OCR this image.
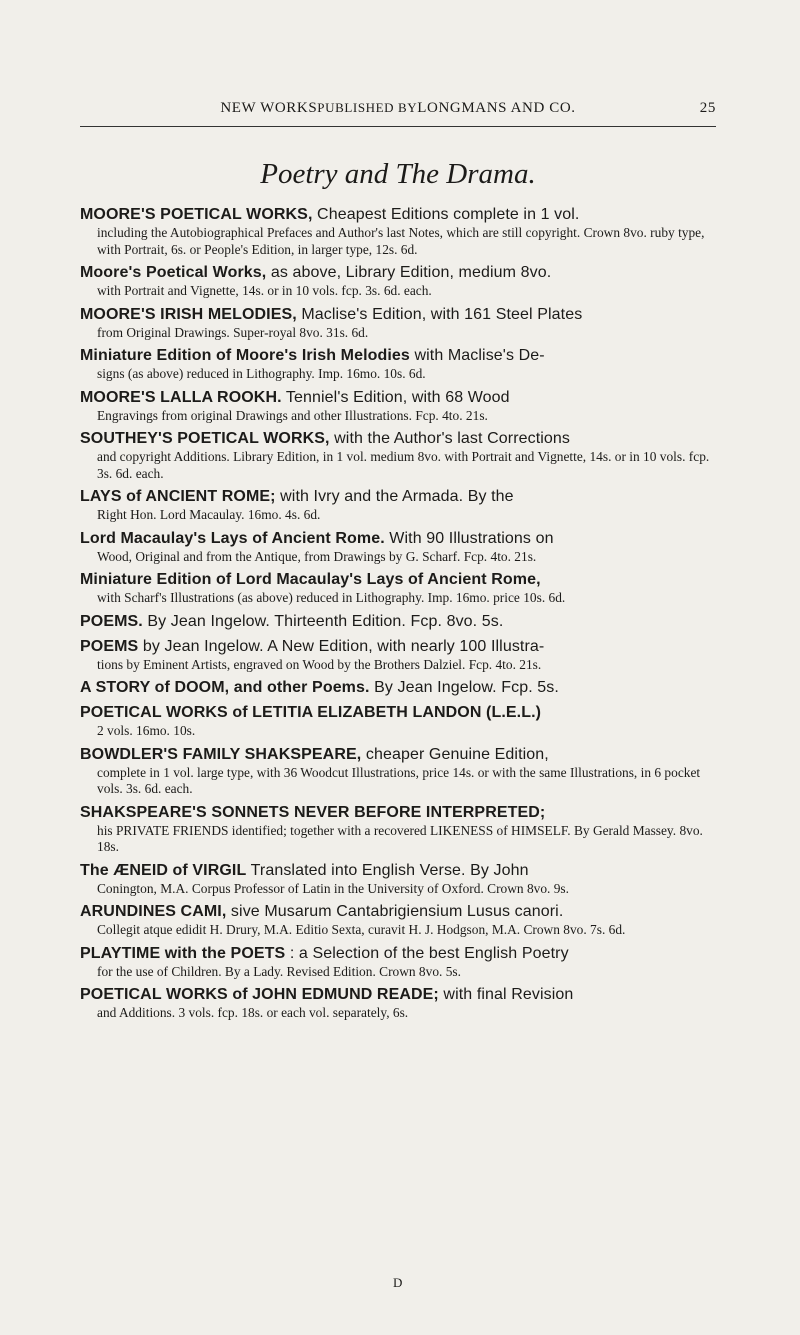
NEW WORKS PUBLISHED BY LONGMANS AND CO.	25
Poetry and The Drama.
MOORE'S POETICAL WORKS, Cheapest Editions complete in 1 vol.
including the Autobiographical Prefaces and Author's last Notes, which are still copyright. Crown 8vo. ruby type, with Portrait, 6s. or People's Edition, in larger type, 12s. 6d.
Moore's Poetical Works, as above, Library Edition, medium 8vo.
with Portrait and Vignette, 14s. or in 10 vols. fcp. 3s. 6d. each.
MOORE'S IRISH MELODIES, Maclise's Edition, with 161 Steel Plates
from Original Drawings. Super-royal 8vo. 31s. 6d.
Miniature Edition of Moore's Irish Melodies with Maclise's De-
signs (as above) reduced in Lithography. Imp. 16mo. 10s. 6d.
MOORE'S LALLA ROOKH. Tenniel's Edition, with 68 Wood
Engravings from original Drawings and other Illustrations. Fcp. 4to. 21s.
SOUTHEY'S POETICAL WORKS, with the Author's last Corrections
and copyright Additions. Library Edition, in 1 vol. medium 8vo. with Portrait and Vignette, 14s. or in 10 vols. fcp. 3s. 6d. each.
LAYS of ANCIENT ROME; with Ivry and the Armada. By the
Right Hon. Lord Macaulay. 16mo. 4s. 6d.
Lord Macaulay's Lays of Ancient Rome. With 90 Illustrations on
Wood, Original and from the Antique, from Drawings by G. Scharf. Fcp. 4to. 21s.
Miniature Edition of Lord Macaulay's Lays of Ancient Rome,
with Scharf's Illustrations (as above) reduced in Lithography. Imp. 16mo. price 10s. 6d.
POEMS. By Jean Ingelow. Thirteenth Edition. Fcp. 8vo. 5s.
POEMS by Jean Ingelow. A New Edition, with nearly 100 Illustra-
tions by Eminent Artists, engraved on Wood by the Brothers Dalziel. Fcp. 4to. 21s.
A STORY of DOOM, and other Poems. By Jean Ingelow. Fcp. 5s.
POETICAL WORKS of LETITIA ELIZABETH LANDON (L.E.L.)
2 vols. 16mo. 10s.
BOWDLER'S FAMILY SHAKSPEARE, cheaper Genuine Edition,
complete in 1 vol. large type, with 36 Woodcut Illustrations, price 14s. or with the same Illustrations, in 6 pocket vols. 3s. 6d. each.
SHAKSPEARE'S SONNETS NEVER BEFORE INTERPRETED;
his PRIVATE FRIENDS identified; together with a recovered LIKENESS of HIMSELF. By Gerald Massey. 8vo. 18s.
The ÆNEID of VIRGIL Translated into English Verse. By John
Conington, M.A. Corpus Professor of Latin in the University of Oxford. Crown 8vo. 9s.
ARUNDINES CAMI, sive Musarum Cantabrigiensium Lusus canori.
Collegit atque edidit H. Drury, M.A. Editio Sexta, curavit H. J. Hodgson, M.A. Crown 8vo. 7s. 6d.
PLAYTIME with the POETS : a Selection of the best English Poetry
for the use of Children. By a Lady. Revised Edition. Crown 8vo. 5s.
POETICAL WORKS of JOHN EDMUND READE; with final Revision
and Additions. 3 vols. fcp. 18s. or each vol. separately, 6s.
D
